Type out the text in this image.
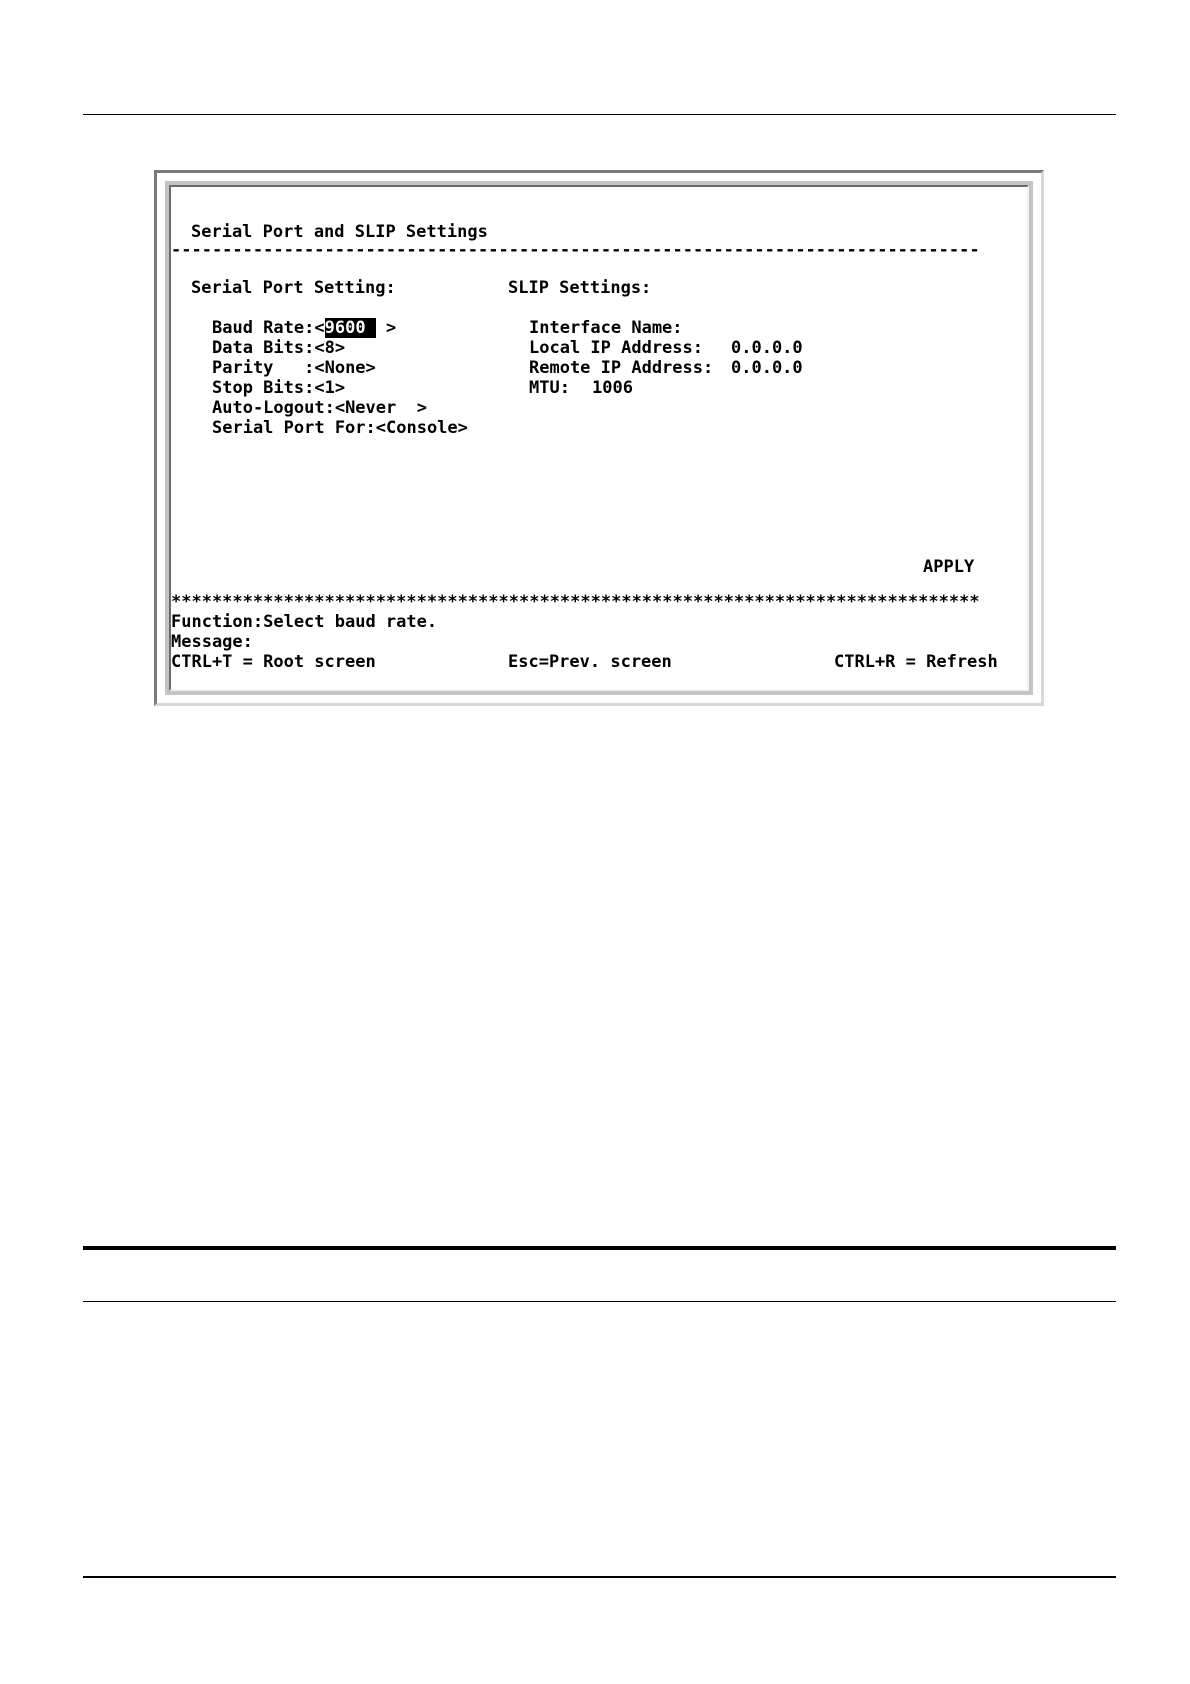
Serial Port and SLIP Settings
-------------------------------------------------------------------------------
Serial Port Setting:	SLIP Settings:
Baud Rate:<9600  >
Data Bits:<8>
Parity   :<None>
Stop Bits:<1>
Auto-Logout:<Never  >
Serial Port For:<Console>
Interface Name:
Local IP Address: 0.0.0.0
Remote IP Address: 0.0.0.0
MTU: 1006
APPLY
*******************************************************************************
Function:Select baud rate.
Message:
CTRL+T = Root screen	Esc=Prev. screen	CTRL+R = Refresh
